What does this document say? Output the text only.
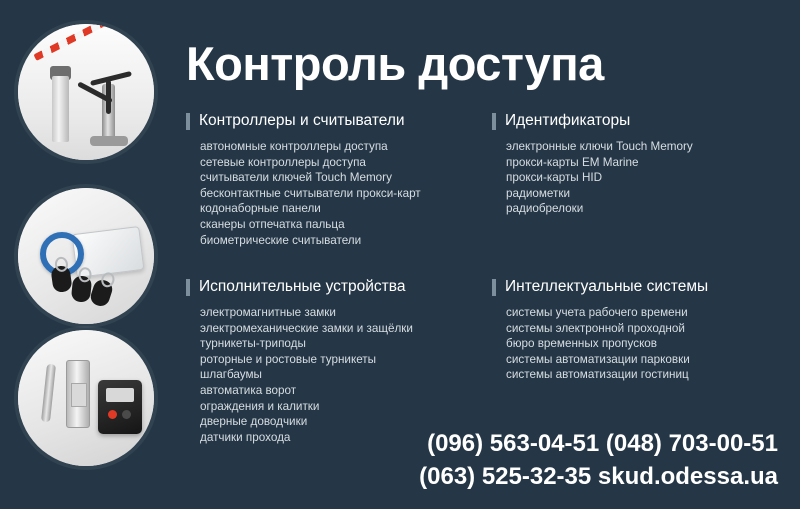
Контроль доступа
Контроллеры и считыватели
автономные контроллеры доступа
сетевые контроллеры доступа
считыватели ключей Touch Memory
бесконтактные считыватели прокси-карт
кодонаборные панели
сканеры отпечатка пальца
биометрические считыватели
Идентификаторы
электронные ключи Touch Memory
прокси-карты EM Marine
прокси-карты HID
радиометки
радиобрелоки
Исполнительные устройства
электромагнитные замки
электромеханические замки и защёлки
турникеты-триподы
роторные и ростовые турникеты
шлагбаумы
автоматика ворот
ограждения и калитки
дверные доводчики
датчики прохода
Интеллектуальные системы
системы учета рабочего времени
системы электронной проходной
бюро временных пропусков
системы автоматизации парковки
системы автоматизации гостиниц
(096) 563-04-51 (048) 703-00-51
(063) 525-32-35 skud.odessa.ua
